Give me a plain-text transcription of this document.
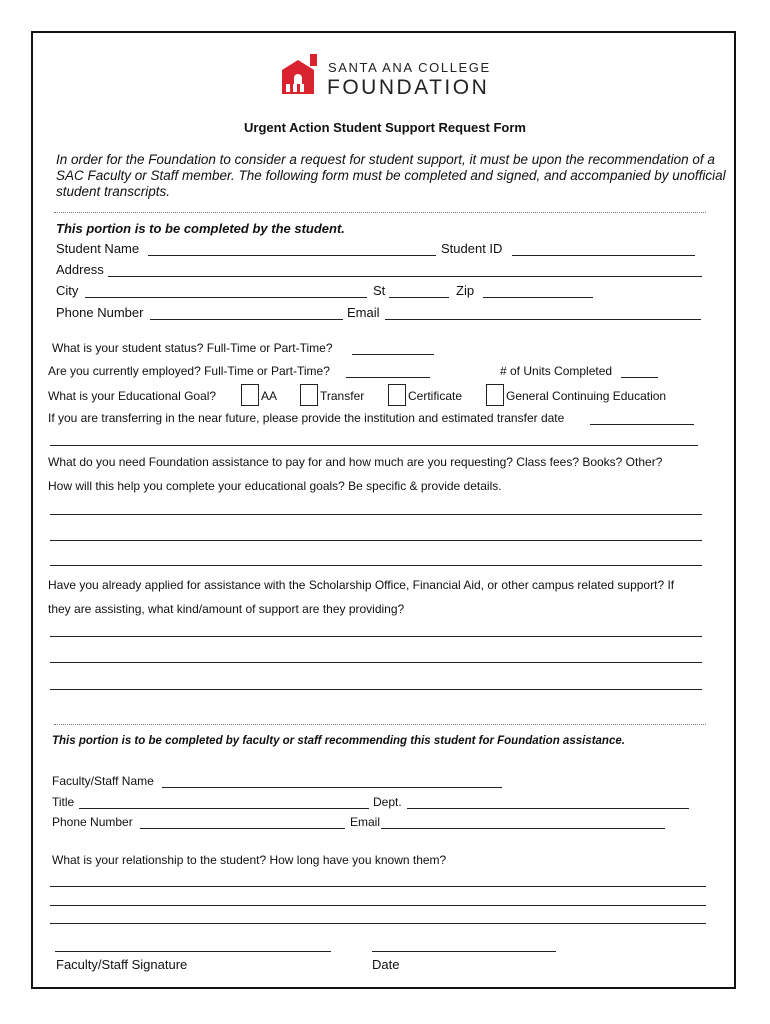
SANTA ANA COLLEGE
FOUNDATION
Urgent Action Student Support Request Form
In order for the Foundation to consider a request for student support, it must be upon the recommendation of a SAC Faculty or Staff member. The following form must be completed and signed, and accompanied by unofficial student transcripts.
This portion is to be completed by the student.
Student Name	Student ID
Address
City	St	Zip
Phone Number	Email
What is your student status? Full-Time or Part-Time?
Are you currently employed? Full-Time or Part-Time?	# of Units Completed
What is your Educational Goal?	AA	Transfer	Certificate	General Continuing Education
If you are transferring in the near future, please provide the institution and estimated transfer date
What do you need Foundation assistance to pay for and how much are you requesting? Class fees? Books? Other?
How will this help you complete your educational goals? Be specific & provide details.
Have you already applied for assistance with the Scholarship Office, Financial Aid, or other campus related support? If
they are assisting, what kind/amount of support are they providing?
This portion is to be completed by faculty or staff recommending this student for Foundation assistance.
Faculty/Staff Name
Title	Dept.
Phone Number	Email
What is your relationship to the student? How long have you known them?
Faculty/Staff Signature	Date
